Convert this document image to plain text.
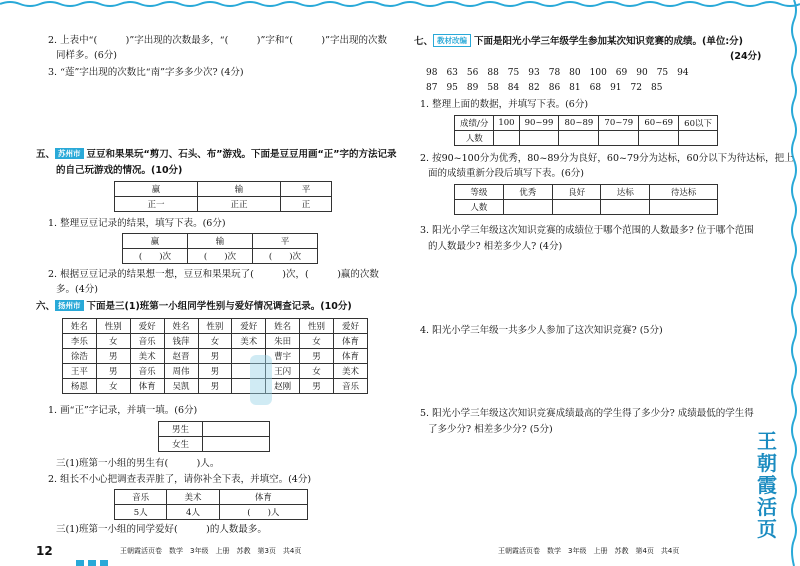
2. 上表中“(　　　)”字出现的次数最多，“(　　　)”字和“(　　　)”字出现的次数
同样多。(6分)
3. “莲”字出现的次数比“南”字多多少次? (4分)
五、 苏州市 豆豆和果果玩“剪刀、石头、布”游戏。下面是豆豆用画“正”字的方法记录
的自己玩游戏的情况。(10分)
赢	输	平
正一	正正	正
1. 整理豆豆记录的结果，填写下表。(6分)
赢	输	平
(　　)次	(　　)次	(　　)次
2. 根据豆豆记录的结果想一想，豆豆和果果玩了(　　　)次，(　　　)赢的次数
多。(4分)
六、 扬州市 下面是三(1)班第一小组同学性别与爱好情况调查记录。(10分)
姓名	性别	爱好	姓名	性别	爱好	姓名	性别	爱好
李乐	女	音乐	钱萍	女	美术	朱田	女	体育
徐浩	男	美术	赵晋	男		曹宇	男	体育
王平	男	音乐	周伟	男		王闪	女	美术
杨恩	女	体育	吴凯	男		赵刚	男	音乐
1. 画“正”字记录，并填一填。(6分)
男生	
女生	
三(1)班第一小组的男生有(　　　)人。
2. 组长不小心把调查表弄脏了，请你补全下表，并填空。(4分)
音乐	美术	体育
5人	4人	(　　)人
三(1)班第一小组的同学爱好(　　　)的人数最多。
12	王朝霞活页卷　数学　3年级　上册　苏教　第3页　共4页
七、 教材改编 下面是阳光小学三年级学生参加某次知识竞赛的成绩。(单位:分)
(24分)
98　63　56　88　75　93　78　80　100　69　90　75　94
87　95　89　58　84　82　86　81　68　91　72　85
1. 整理上面的数据，并填写下表。(6分)
成绩/分	100	90~99	80~89	70~79	60~69	60以下
人数						
2. 按90~100分为优秀，80~89分为良好，60~79分为达标，60分以下为待达标，把上
面的成绩重新分段后填写下表。(6分)
等级	优秀	良好	达标	待达标
人数				
3. 阳光小学三年级这次知识竞赛的成绩位于哪个范围的人数最多? 位于哪个范围
的人数最少? 相差多少人? (4分)
4. 阳光小学三年级一共多少人参加了这次知识竞赛? (5分)
5. 阳光小学三年级这次知识竞赛成绩最高的学生得了多少分? 成绩最低的学生得
了多少分? 相差多少分? (5分)
王朝霞活页卷　数学　3年级　上册　苏教　第4页　共4页
王
朝
霞
活
页
